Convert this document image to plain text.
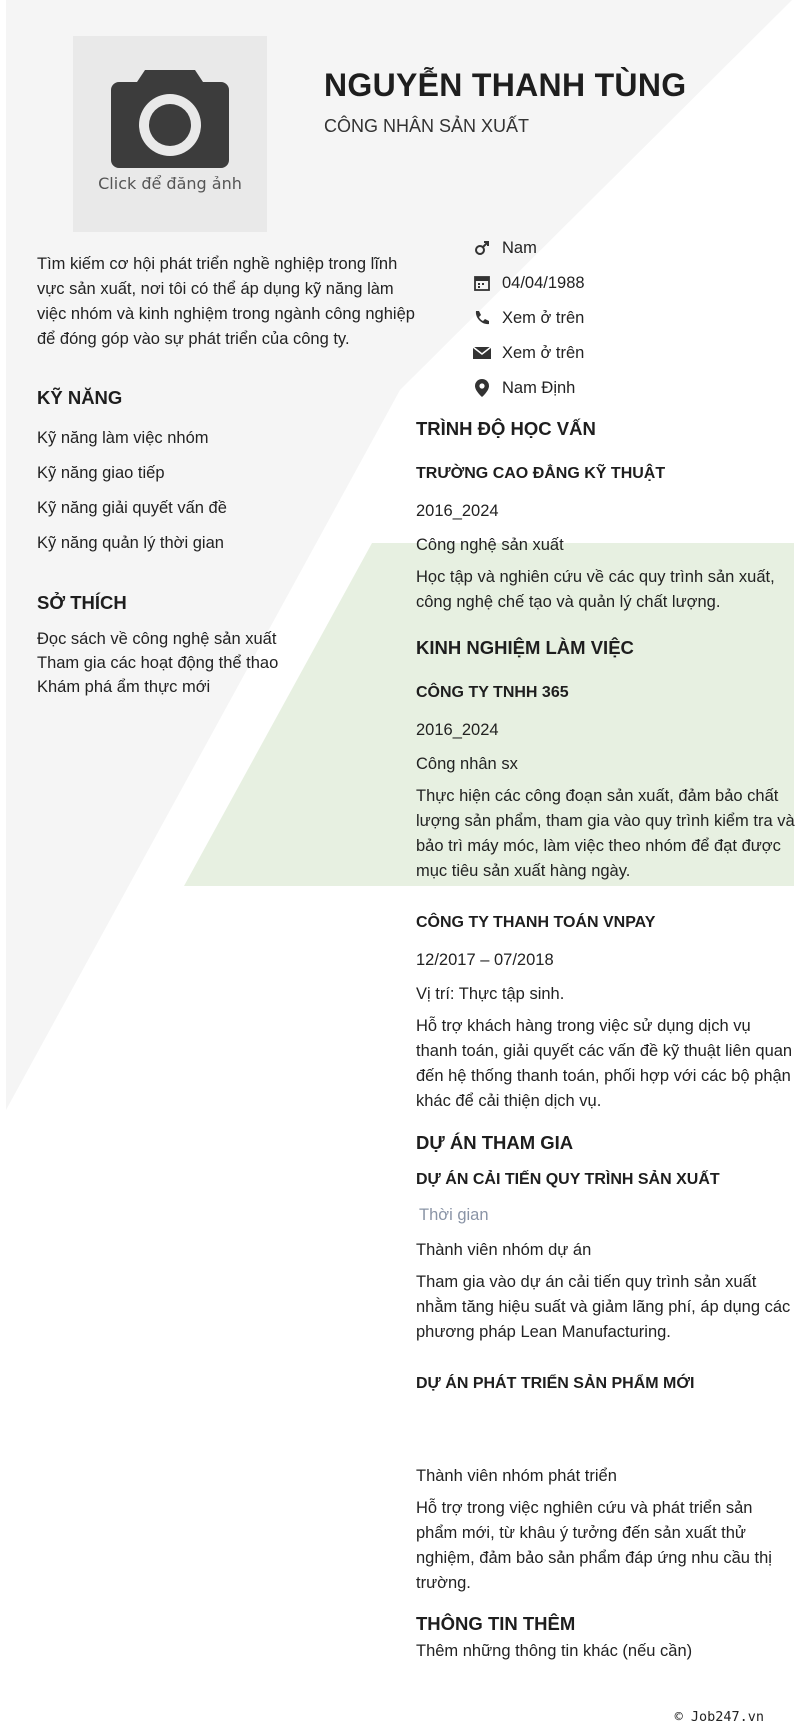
Click để đăng ảnh
NGUYỄN THANH TÙNG
CÔNG NHÂN SẢN XUẤT

Tìm kiếm cơ hội phát triển nghề nghiệp trong lĩnh vực sản xuất, nơi tôi có thể áp dụng kỹ năng làm việc nhóm và kinh nghiệm trong ngành công nghiệp để đóng góp vào sự phát triển của công ty.

KỸ NĂNG

Kỹ năng làm việc nhóm

Kỹ năng giao tiếp

Kỹ năng giải quyết vấn đề

Kỹ năng quản lý thời gian

SỞ THÍCH

Đọc sách về công nghệ sản xuất

Tham gia các hoạt động thể thao

Khám phá ẩm thực mới

Nam
04/04/1988
Xem ở trên
Xem ở trên
Nam Định
TRÌNH ĐỘ HỌC VẤN

TRƯỜNG CAO ĐẲNG KỸ THUẬT

2016_2024

Công nghệ sản xuất

Học tập và nghiên cứu về các quy trình sản xuất, công nghệ chế tạo và quản lý chất lượng.

KINH NGHIỆM LÀM VIỆC

CÔNG TY TNHH 365

2016_2024

Công nhân sx

Thực hiện các công đoạn sản xuất, đảm bảo chất lượng sản phẩm, tham gia vào quy trình kiểm tra và bảo trì máy móc, làm việc theo nhóm để đạt được mục tiêu sản xuất hàng ngày.

CÔNG TY THANH TOÁN VNPAY

12/2017 – 07/2018

Vị trí: Thực tập sinh.

Hỗ trợ khách hàng trong việc sử dụng dịch vụ thanh toán, giải quyết các vấn đề kỹ thuật liên quan đến hệ thống thanh toán, phối hợp với các bộ phận khác để cải thiện dịch vụ.

DỰ ÁN THAM GIA

DỰ ÁN CẢI TIẾN QUY TRÌNH SẢN XUẤT

Thời gian

Thành viên nhóm dự án

Tham gia vào dự án cải tiến quy trình sản xuất nhằm tăng hiệu suất và giảm lãng phí, áp dụng các phương pháp Lean Manufacturing.

DỰ ÁN PHÁT TRIỂN SẢN PHẨM MỚI

Thành viên nhóm phát triển

Hỗ trợ trong việc nghiên cứu và phát triển sản phẩm mới, từ khâu ý tưởng đến sản xuất thử nghiệm, đảm bảo sản phẩm đáp ứng nhu cầu thị trường.

THÔNG TIN THÊM

Thêm những thông tin khác (nếu cần)

© Job247.vn
